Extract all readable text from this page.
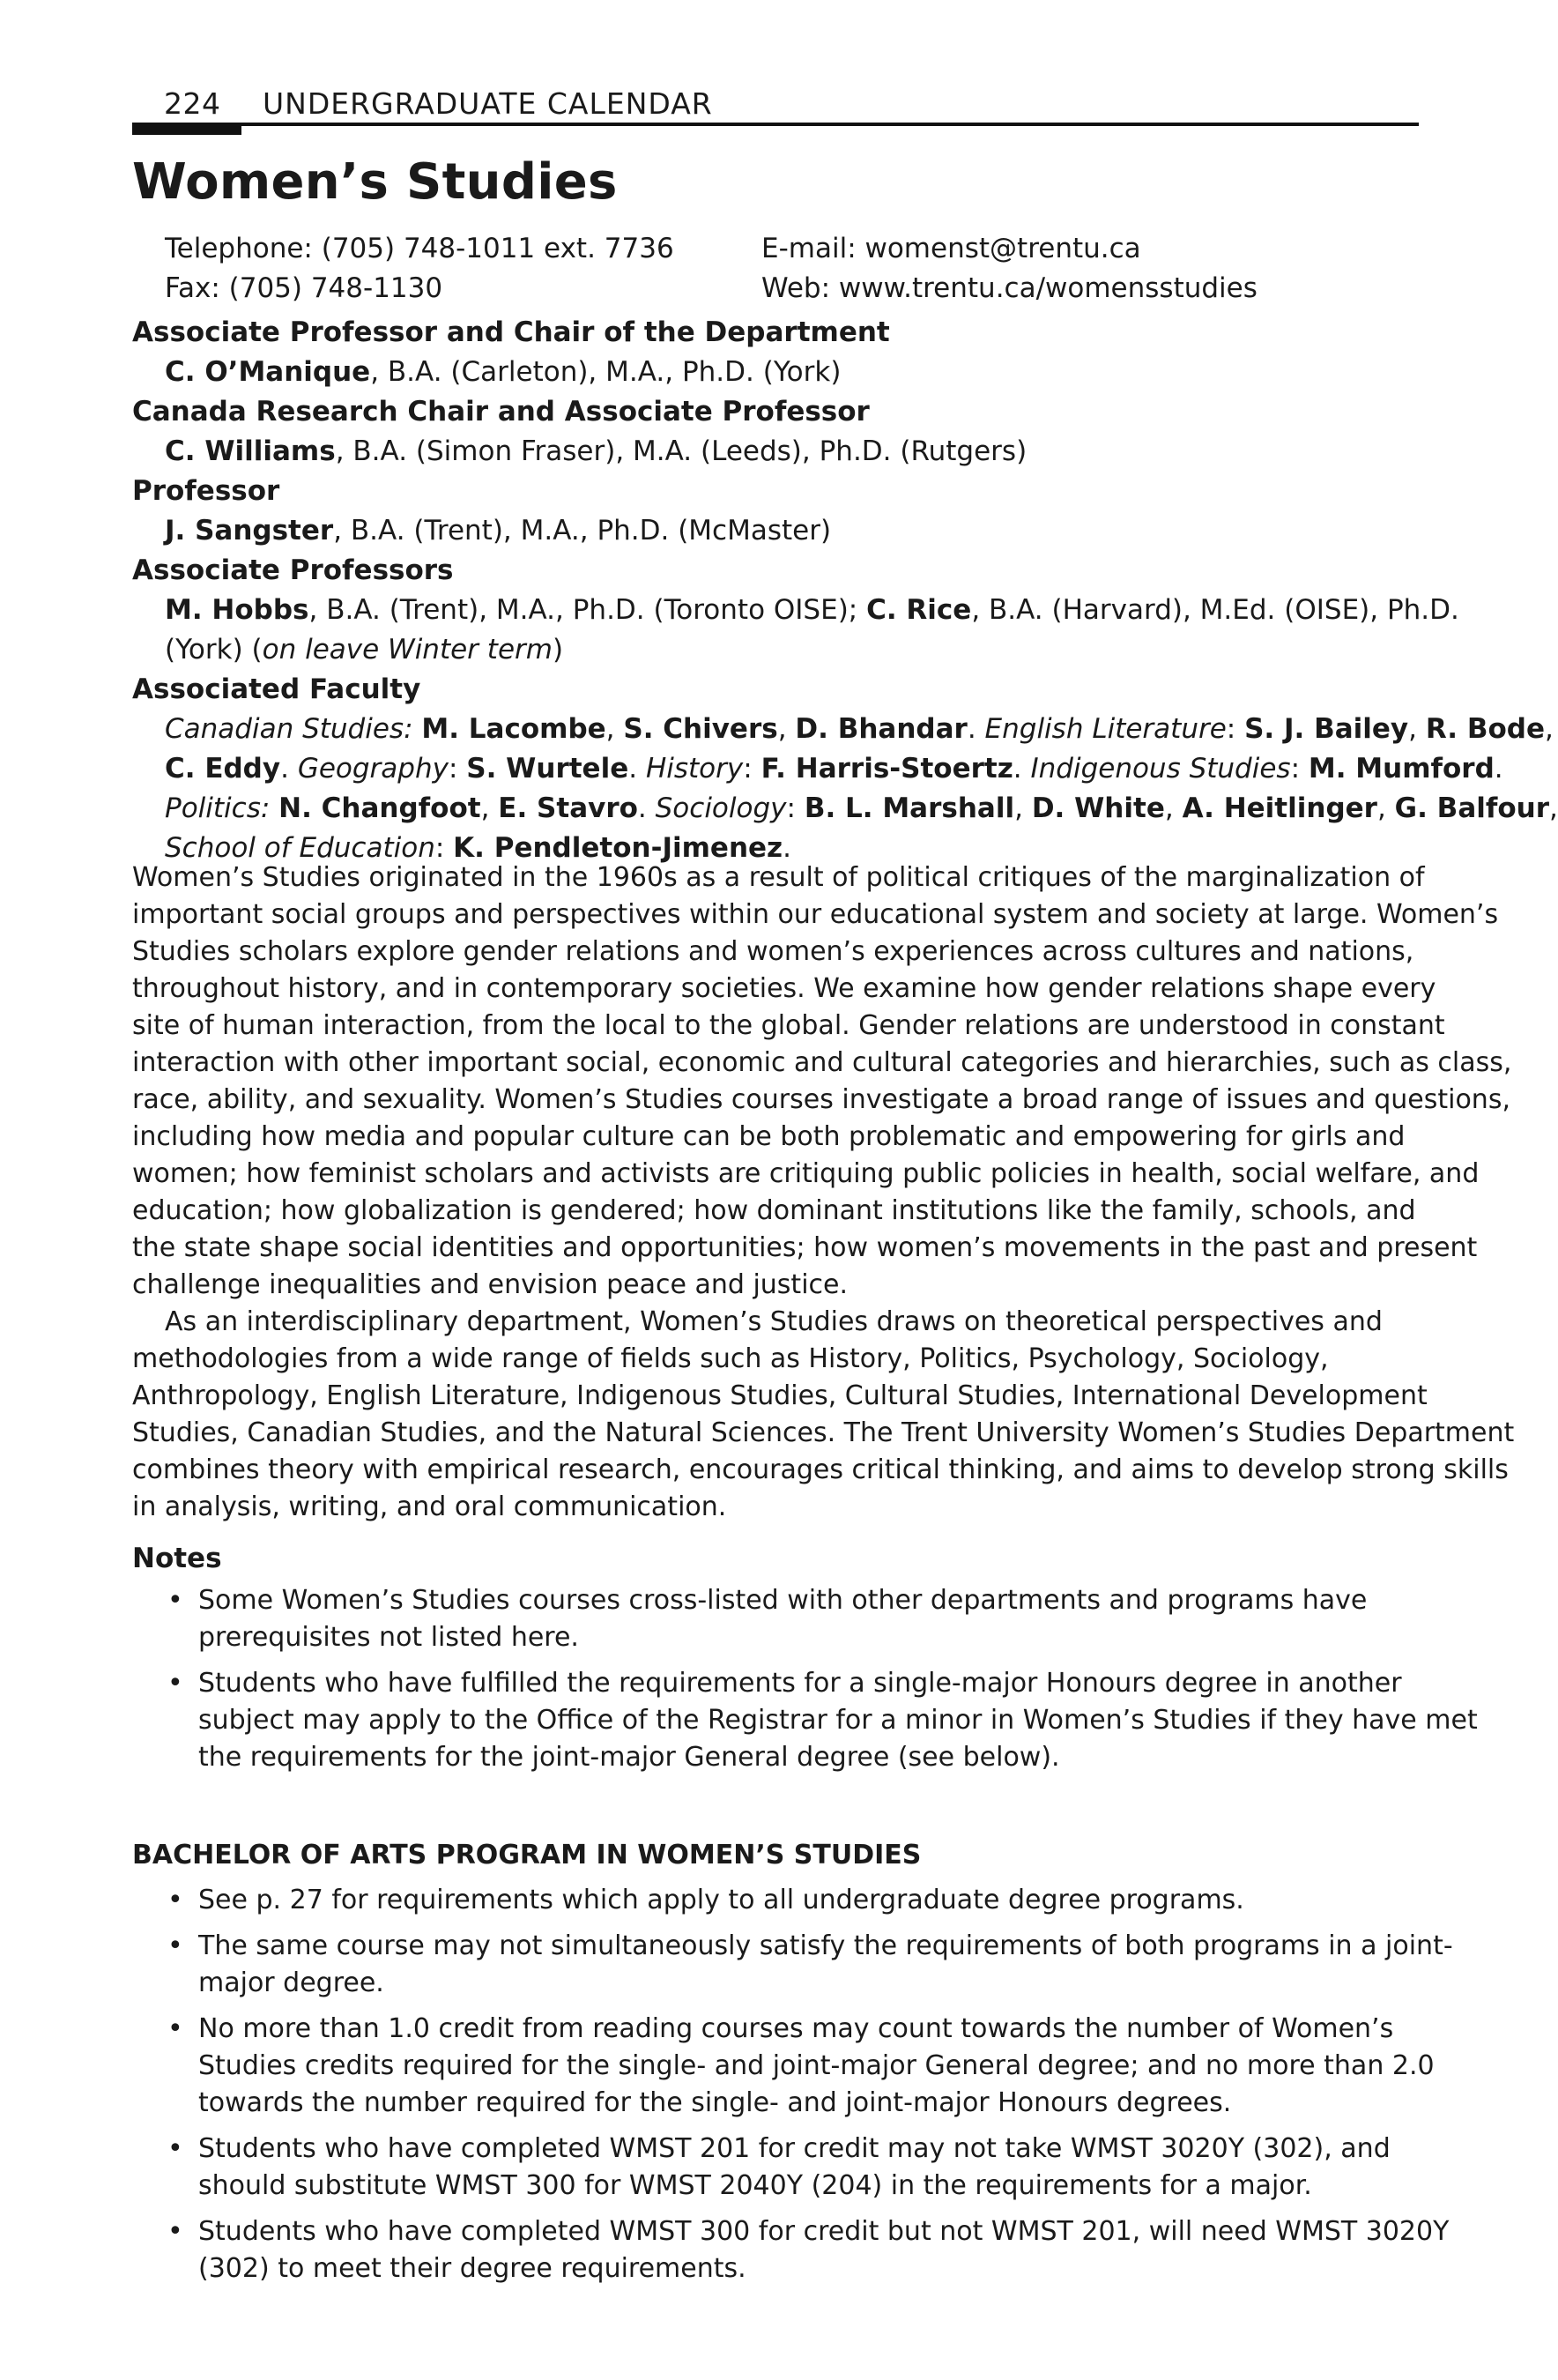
224 UNDERGRADUATE CALENDAR
Women’s Studies
Telephone: (705) 748-1011 ext. 7736	E-mail: womenst@trentu.ca
Fax: (705) 748-1130	Web: www.trentu.ca/womensstudies
Associate Professor and Chair of the Department
C. O’Manique, B.A. (Carleton), M.A., Ph.D. (York)
Canada Research Chair and Associate Professor
C. Williams, B.A. (Simon Fraser), M.A. (Leeds), Ph.D. (Rutgers)
Professor
J. Sangster, B.A. (Trent), M.A., Ph.D. (McMaster)
Associate Professors
M. Hobbs, B.A. (Trent), M.A., Ph.D. (Toronto OISE); C. Rice, B.A. (Harvard), M.Ed. (OISE), Ph.D.
(York) (on leave Winter term)
Associated Faculty
Canadian Studies: M. Lacombe, S. Chivers, D. Bhandar. English Literature: S. J. Bailey, R. Bode,
C. Eddy. Geography: S. Wurtele. History: F. Harris-Stoertz. Indigenous Studies: M. Mumford.
Politics: N. Changfoot, E. Stavro. Sociology: B. L. Marshall, D. White, A. Heitlinger, G. Balfour,
School of Education: K. Pendleton-Jimenez.

Women’s Studies originated in the 1960s as a result of political critiques of the marginalization of
important social groups and perspectives within our educational system and society at large. Women’s
Studies scholars explore gender relations and women’s experiences across cultures and nations,
throughout history, and in contemporary societies. We examine how gender relations shape every
site of human interaction, from the local to the global. Gender relations are understood in constant
interaction with other important social, economic and cultural categories and hierarchies, such as class,
race, ability, and sexuality. Women’s Studies courses investigate a broad range of issues and questions,
including how media and popular culture can be both problematic and empowering for girls and
women; how feminist scholars and activists are critiquing public policies in health, social welfare, and
education; how globalization is gendered; how dominant institutions like the family, schools, and
the state shape social identities and opportunities; how women’s movements in the past and present
challenge inequalities and envision peace and justice.

As an interdisciplinary department, Women’s Studies draws on theoretical perspectives and
methodologies from a wide range of fields such as History, Politics, Psychology, Sociology,
Anthropology, English Literature, Indigenous Studies, Cultural Studies, International Development
Studies, Canadian Studies, and the Natural Sciences. The Trent University Women’s Studies Department
combines theory with empirical research, encourages critical thinking, and aims to develop strong skills
in analysis, writing, and oral communication.

Notes
• Some Women’s Studies courses cross-listed with other departments and programs have
prerequisites not listed here.
• Students who have fulfilled the requirements for a single-major Honours degree in another
subject may apply to the Office of the Registrar for a minor in Women’s Studies if they have met
the requirements for the joint-major General degree (see below).
BACHELOR OF ARTS PROGRAM IN WOMEN’S STUDIES
• See p. 27 for requirements which apply to all undergraduate degree programs.
• The same course may not simultaneously satisfy the requirements of both programs in a joint-
major degree.
• No more than 1.0 credit from reading courses may count towards the number of Women’s
Studies credits required for the single- and joint-major General degree; and no more than 2.0
towards the number required for the single- and joint-major Honours degrees.
• Students who have completed WMST 201 for credit may not take WMST 3020Y (302), and
should substitute WMST 300 for WMST 2040Y (204) in the requirements for a major.
• Students who have completed WMST 300 for credit but not WMST 201, will need WMST 3020Y
(302) to meet their degree requirements.
